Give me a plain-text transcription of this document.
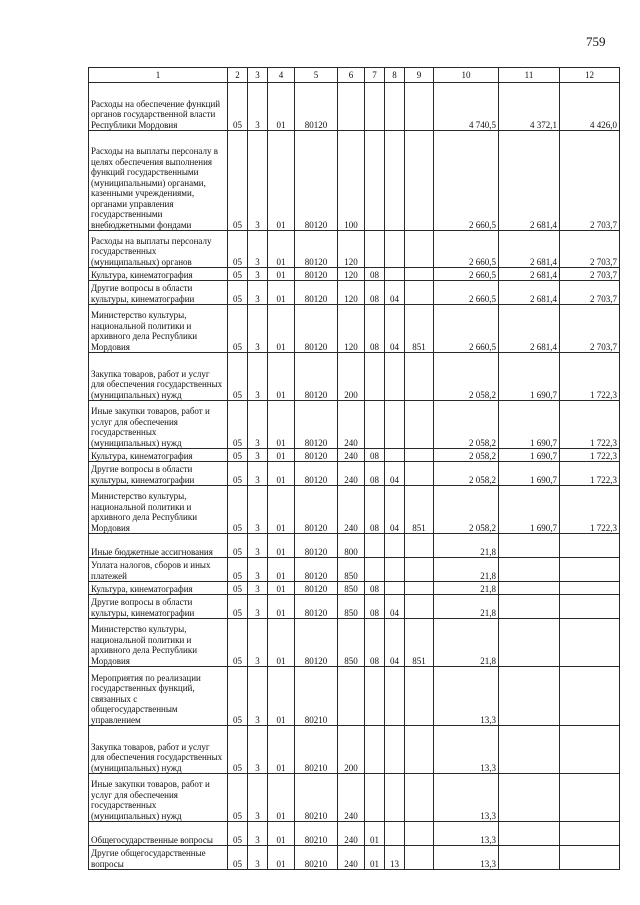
759
1	2	3	4	5	6	7	8	9	10	11	12
Расходы на обеспечение функций органов государственной власти Республики Мордовия	05	3	01	80120					4 740,5	4 372,1	4 426,0
Расходы на выплаты персоналу в целях обеспечения выполнения функций государственными (муниципальными) органами, казенными учреждениями, органами управления государственными внебюджетными фондами	05	3	01	80120	100				2 660,5	2 681,4	2 703,7
Расходы на выплаты персоналу государственных (муниципальных) органов	05	3	01	80120	120				2 660,5	2 681,4	2 703,7
Культура, кинематография	05	3	01	80120	120	08			2 660,5	2 681,4	2 703,7
Другие вопросы в области культуры, кинематографии	05	3	01	80120	120	08	04		2 660,5	2 681,4	2 703,7
Министерство культуры, национальной политики и архивного дела Республики Мордовия	05	3	01	80120	120	08	04	851	2 660,5	2 681,4	2 703,7
Закупка товаров, работ и услуг для обеспечения государственных (муниципальных) нужд	05	3	01	80120	200				2 058,2	1 690,7	1 722,3
Иные закупки товаров, работ и услуг для обеспечения государственных (муниципальных) нужд	05	3	01	80120	240				2 058,2	1 690,7	1 722,3
Культура, кинематография	05	3	01	80120	240	08			2 058,2	1 690,7	1 722,3
Другие вопросы в области культуры, кинематографии	05	3	01	80120	240	08	04		2 058,2	1 690,7	1 722,3
Министерство культуры, национальной политики и архивного дела Республики Мордовия	05	3	01	80120	240	08	04	851	2 058,2	1 690,7	1 722,3
Иные бюджетные ассигнования	05	3	01	80120	800				21,8		
Уплата налогов, сборов и иных платежей	05	3	01	80120	850				21,8		
Культура, кинематография	05	3	01	80120	850	08			21,8		
Другие вопросы в области культуры, кинематографии	05	3	01	80120	850	08	04		21,8		
Министерство культуры, национальной политики и архивного дела Республики Мордовия	05	3	01	80120	850	08	04	851	21,8		
Мероприятия по реализации государственных функций, связанных с общегосударственным управлением	05	3	01	80210					13,3		
Закупка товаров, работ и услуг для обеспечения государственных (муниципальных) нужд	05	3	01	80210	200				13,3		
Иные закупки товаров, работ и услуг для обеспечения государственных (муниципальных) нужд	05	3	01	80210	240				13,3		
Общегосударственные вопросы	05	3	01	80210	240	01			13,3		
Другие общегосударственные вопросы	05	3	01	80210	240	01	13		13,3		
